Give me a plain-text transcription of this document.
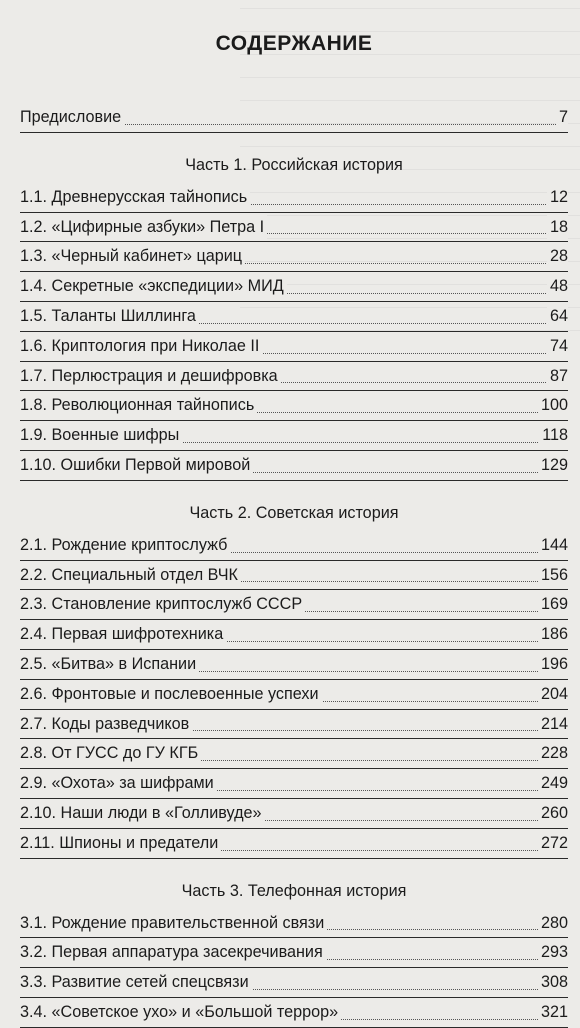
СОДЕРЖАНИЕ
Предисловие	7
Часть 1. Российская история
1.1. Древнерусская тайнопись	12
1.2. «Цифирные азбуки» Петра I	18
1.3. «Черный кабинет» цариц	28
1.4. Секретные «экспедиции» МИД	48
1.5. Таланты Шиллинга	64
1.6. Криптология при Николае II	74
1.7. Перлюстрация и дешифровка	87
1.8. Революционная тайнопись	100
1.9. Военные шифры	118
1.10. Ошибки Первой мировой	129
Часть 2. Советская история
2.1. Рождение криптослужб	144
2.2. Специальный отдел ВЧК	156
2.3. Становление криптослужб СССР	169
2.4. Первая шифротехника	186
2.5. «Битва» в Испании	196
2.6. Фронтовые и послевоенные успехи	204
2.7. Коды разведчиков	214
2.8. От ГУСС до ГУ КГБ	228
2.9. «Охота» за шифрами	249
2.10. Наши люди в «Голливуде»	260
2.11. Шпионы и предатели	272
Часть 3. Телефонная история
3.1. Рождение правительственной связи	280
3.2. Первая аппаратура засекречивания	293
3.3. Развитие сетей спецсвязи	308
3.4. «Советское ухо» и «Большой террор»	321
